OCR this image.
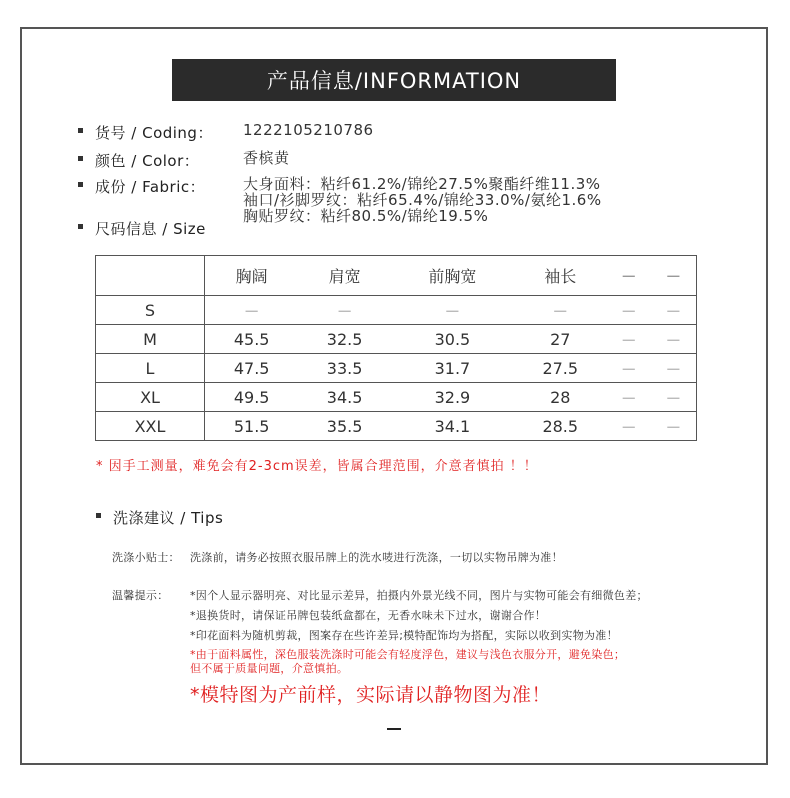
产品信息/INFORMATION
货号 / Coding：	1222105210786
颜色 / Color：	香槟黄
成份 / Fabric：	大身面料：粘纤61.2%/锦纶27.5%聚酯纤维11.3%
袖口/衫脚罗纹：粘纤65.4%/锦纶33.0%/氨纶1.6%
胸贴罗纹：粘纤80.5%/锦纶19.5%
尺码信息 / Size
	胸阔	肩宽	前胸宽	袖长	－	－
S	－	－	－	－	－	－
M	45.5	32.5	30.5	27	－	－
L	47.5	33.5	31.7	27.5	－	－
XL	49.5	34.5	32.9	28	－	－
XXL	51.5	35.5	34.1	28.5	－	－
* 因手工测量，难免会有2-3cm误差，皆属合理范围，介意者慎拍 ！！
洗涤建议 / Tips
洗涤小贴士： 洗涤前，请务必按照衣服吊牌上的洗水唛进行洗涤，一切以实物吊牌为准！
温馨提示： *因个人显示器明亮、对比显示差异，拍摄内外景光线不同，图片与实物可能会有细微色差；
*退换货时，请保证吊牌包装纸盒都在，无香水味未下过水，谢谢合作！
*印花面料为随机剪裁，图案存在些许差异;模特配饰均为搭配，实际以收到实物为准！
*由于面料属性，深色服装洗涤时可能会有轻度浮色，建议与浅色衣服分开，避免染色；
但不属于质量问题，介意慎拍。
*模特图为产前样，实际请以静物图为准！
